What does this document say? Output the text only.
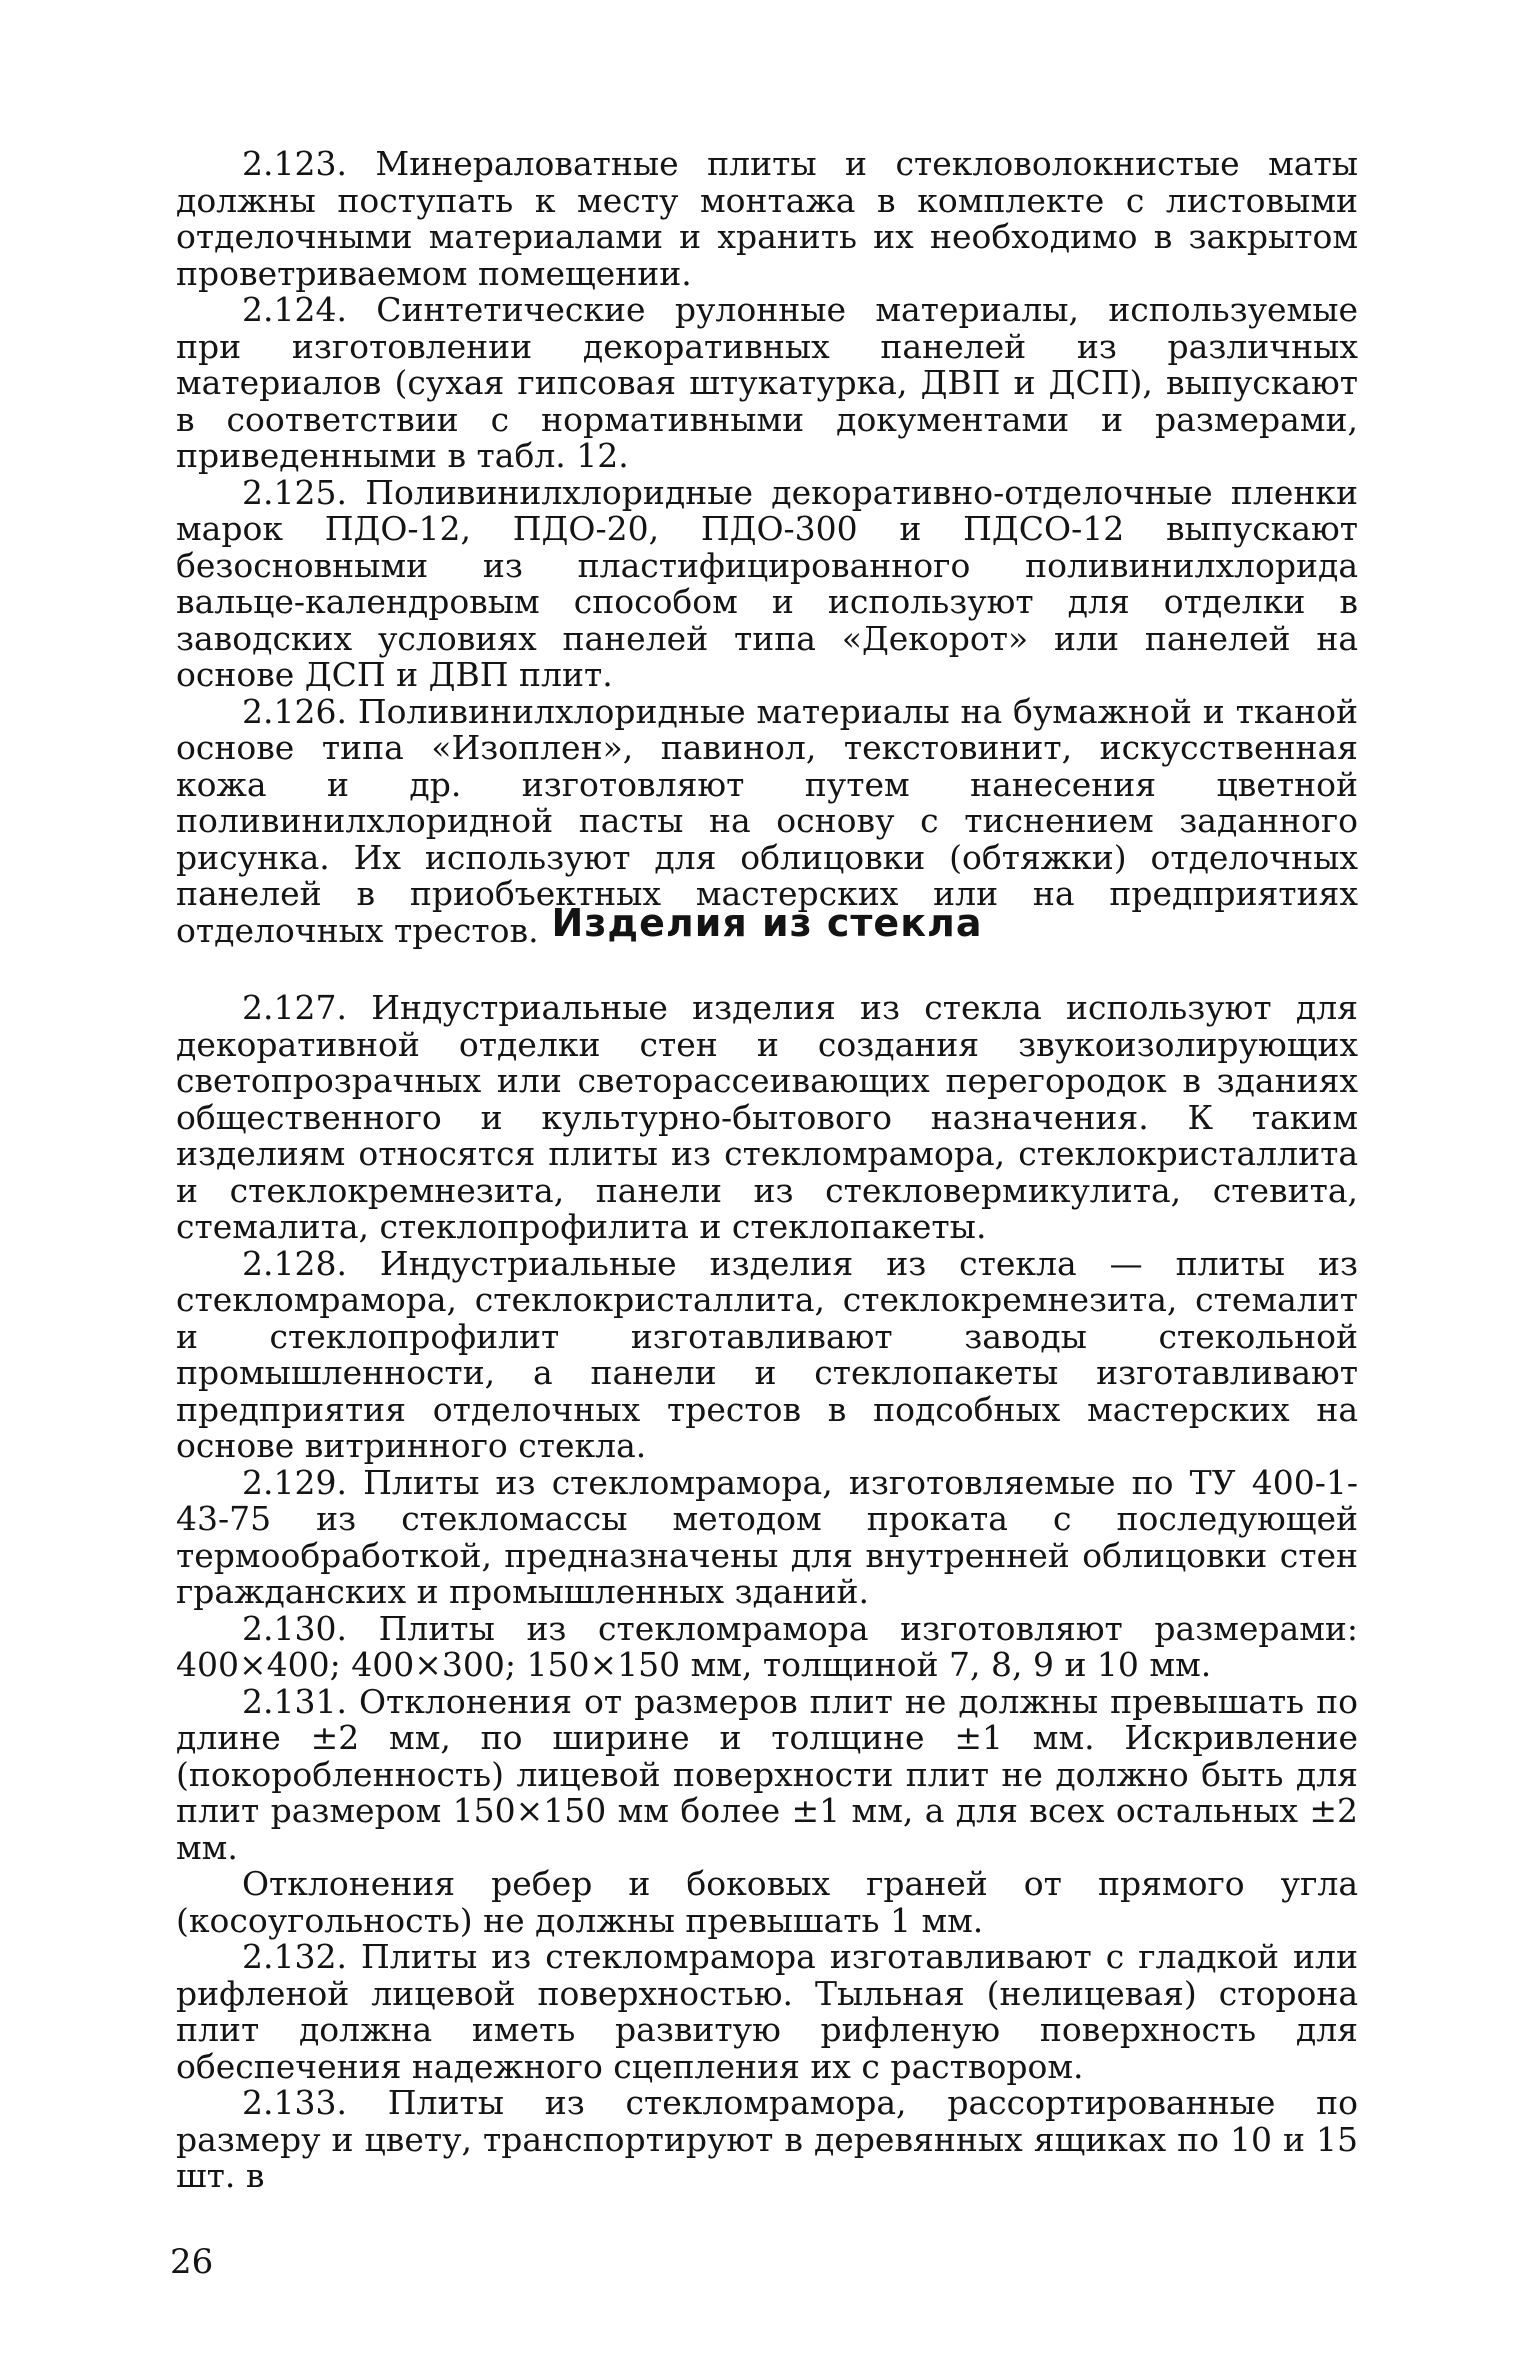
2.123. Минераловатные плиты и стекловолокнистые маты должны поступать к месту монтажа в комплекте с листовыми отделочными материалами и хранить их необходимо в закрытом проветриваемом помещении.

2.124. Синтетические рулонные материалы, используемые при изготовлении декоративных панелей из различных материалов (сухая гипсовая штукатурка, ДВП и ДСП), выпускают в соответствии с нормативными документами и размерами, приведенными в табл. 12.

2.125. Поливинилхлоридные декоративно-отделочные пленки марок ПДО-12, ПДО-20, ПДО-300 и ПДСО-12 выпускают безосновными из пластифицированного поливинилхлорида вальце-календровым способом и используют для отделки в заводских условиях панелей типа «Декорот» или панелей на основе ДСП и ДВП плит.

2.126. Поливинилхлоридные материалы на бумажной и тканой основе типа «Изоплен», павинол, текстовинит, искусственная кожа и др. изготовляют путем нанесения цветной поливинилхлоридной пасты на основу с тиснением заданного рисунка. Их используют для облицовки (обтяжки) отделочных панелей в приобъектных мастерских или на предприятиях отделочных трестов. Изделия из стекла

2.127. Индустриальные изделия из стекла используют для декоративной отделки стен и создания звукоизолирующих светопрозрачных или светорассеивающих перегородок в зданиях общественного и культурно-бытового назначения. К таким изделиям относятся плиты из стекломрамора, стеклокристаллита и стеклокремнезита, панели из стекловермикулита, стевита, стемалита, стеклопрофилита и стеклопакеты.

2.128. Индустриальные изделия из стекла — плиты из стекломрамора, стеклокристаллита, стеклокремнезита, стемалит и стеклопрофилит изготавливают заводы стекольной промышленности, а панели и стеклопакеты изготавливают предприятия отделочных трестов в подсобных мастерских на основе витринного стекла.

2.129. Плиты из стекломрамора, изготовляемые по ТУ 400-1-43-75 из стекломассы методом проката с последующей термообработкой, предназначены для внутренней облицовки стен гражданских и промышленных зданий.

2.130. Плиты из стекломрамора изготовляют размерами: 400×400; 400×300; 150×150 мм, толщиной 7, 8, 9 и 10 мм.

2.131. Отклонения от размеров плит не должны превышать по длине ±2 мм, по ширине и толщине ±1 мм. Искривление (покоробленность) лицевой поверхности плит не должно быть для плит размером 150×150 мм более ±1 мм, а для всех остальных ±2 мм.

Отклонения ребер и боковых граней от прямого угла (косоугольность) не должны превышать 1 мм.

2.132. Плиты из стекломрамора изготавливают с гладкой или рифленой лицевой поверхностью. Тыльная (нелицевая) сторона плит должна иметь развитую рифленую поверхность для обеспечения надежного сцепления их с раствором.

2.133. Плиты из стекломрамора, рассортированные по размеру и цвету, транспортируют в деревянных ящиках по 10 и 15 шт. в

26
